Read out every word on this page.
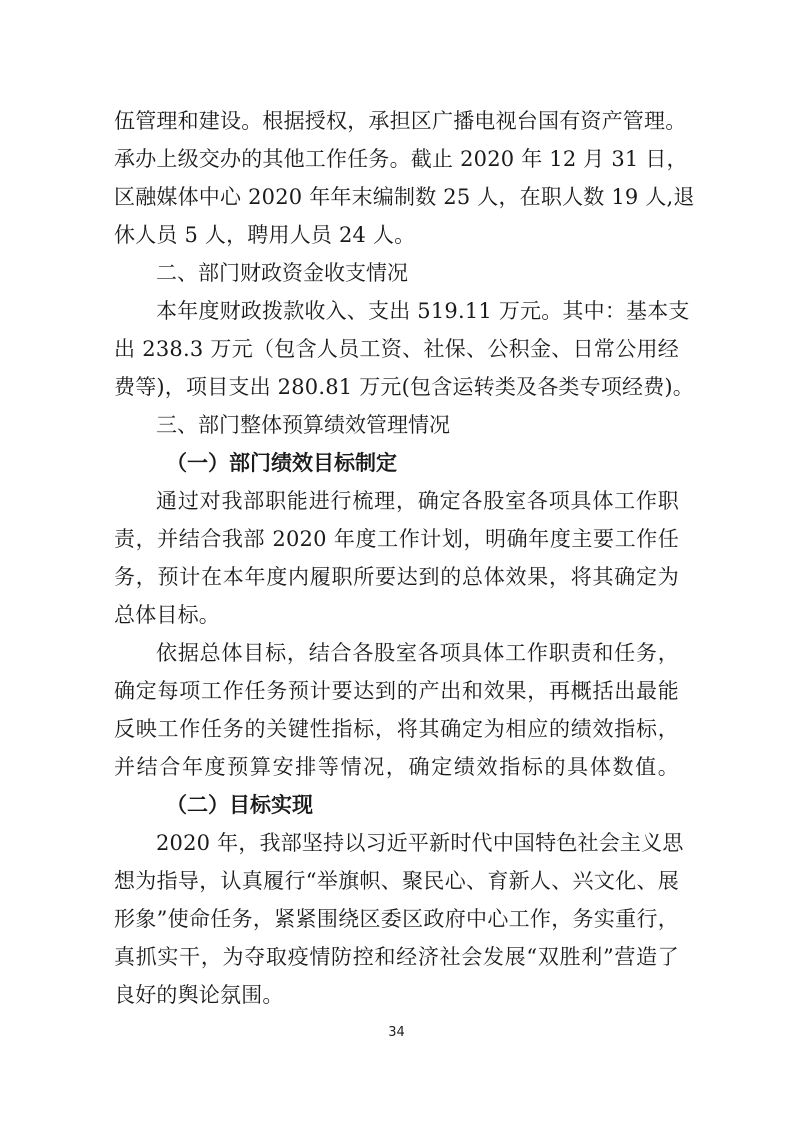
伍管理和建设。根据授权，承担区广播电视台国有资产管理。
承办上级交办的其他工作任务。截止 2020 年 12 月 31 日，
区融媒体中心 2020 年年末编制数 25 人，在职人数 19 人,退
休人员 5 人，聘用人员 24 人。
二、部门财政资金收支情况
本年度财政拨款收入、支出 519.11 万元。其中：基本支
出 238.3 万元（包含人员工资、社保、公积金、日常公用经
费等)，项目支出 280.81 万元(包含运转类及各类专项经费)。
三、部门整体预算绩效管理情况
（一）部门绩效目标制定
通过对我部职能进行梳理，确定各股室各项具体工作职
责，并结合我部 2020 年度工作计划，明确年度主要工作任
务，预计在本年度内履职所要达到的总体效果，将其确定为
总体目标。
依据总体目标，结合各股室各项具体工作职责和任务，
确定每项工作任务预计要达到的产出和效果，再概括出最能
反映工作任务的关键性指标，将其确定为相应的绩效指标，
并结合年度预算安排等情况，确定绩效指标的具体数值。
（二）目标实现
2020 年，我部坚持以习近平新时代中国特色社会主义思
想为指导，认真履行“举旗帜、聚民心、育新人、兴文化、展
形象”使命任务，紧紧围绕区委区政府中心工作，务实重行，
真抓实干，为夺取疫情防控和经济社会发展“双胜利”营造了
良好的舆论氛围。
34
